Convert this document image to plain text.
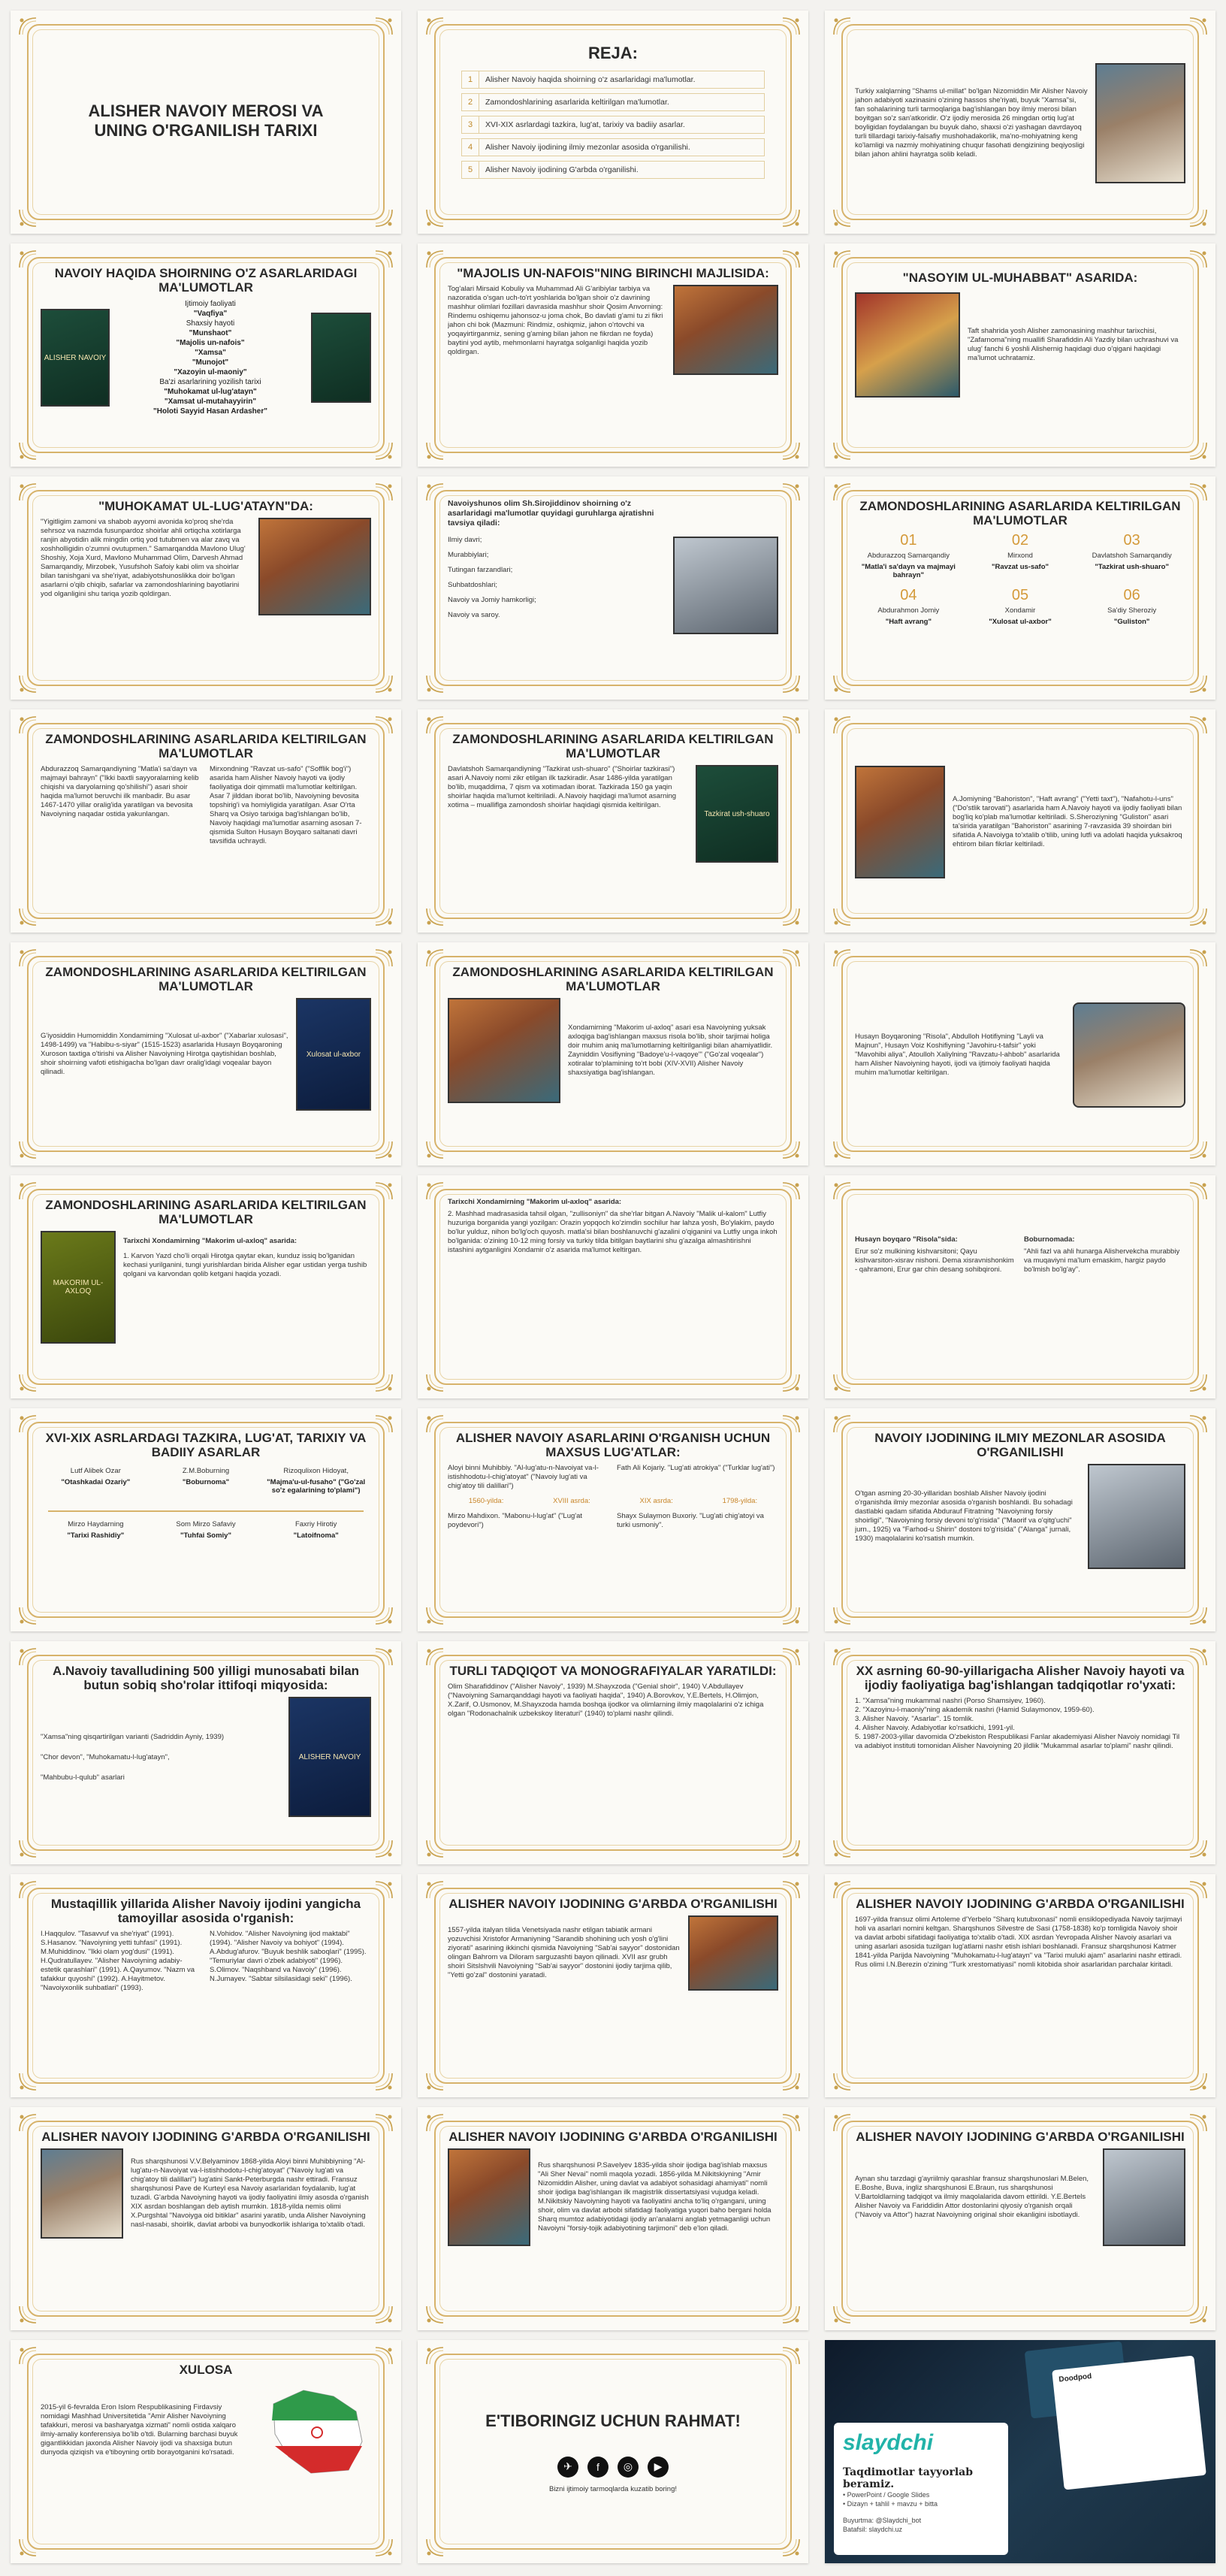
ALISHER NAVOIY MEROSI VA UNING O'RGANILISH TARIXI
REJA:
1	Alisher Navoiy haqida shoirning o'z asarlaridagi ma'lumotlar.
2	Zamondoshlarining asarlarida keltirilgan ma'lumotlar.
3	XVI-XIX asrlardagi tazkira, lug'at, tarixiy va badiiy asarlar.
4	Alisher Navoiy ijodining ilmiy mezonlar asosida o'rganilishi.
5	Alisher Navoiy ijodining G'arbda o'rganilishi.
Turkiy xalqlarning "Shams ul-millat" bo'lgan Nizomiddin Mir Alisher Navoiy jahon adabiyoti xazinasini o'zining hassos she'riyati, buyuk "Xamsa"si, fan sohalarining turli tarmoqlariga bag'ishlangan boy ilmiy merosi bilan boyitgan so'z san'atkoridir. O'z ijodiy merosida 26 mingdan ortiq lug'at boyligidan foydalangan bu buyuk daho, shaxsi o'zi yashagan davrdayoq turli tillardagi tarixiy-falsafiy mushohadakorlik, ma'no-mohiyatning keng ko'lamligi va nazmiy mohiyatining chuqur fasohati dengizining beqiyosligi bilan jahon ahlini hayratga solib keladi.
NAVOIY HAQIDA SHOIRNING O'Z ASARLARIDAGI MA'LUMOTLAR
ALISHER NAVOIY
Ijtimoiy faoliyati
"Vaqfiya"
Shaxsiy hayoti
"Munshaot"
"Majolis un-nafois"
"Xamsa"
"Munojot"
"Xazoyin ul-maoniy"
Ba'zi asarlarining yozilish tarixi
"Muhokamat ul-lug'atayn"
"Xamsat ul-mutahayyirin"
"Holoti Sayyid Hasan Ardasher"
"MAJOLIS UN-NAFOIS"NING BIRINCHI MAJLISIDA:
Tog'alari Mirsaid Kobuliy va Muhammad Ali G'aribiylar tarbiya va nazoratida o'sgan uch-to'rt yoshlarida bo'lgan shoir o'z davrining mashhur olimlari fozillari davrasida mashhur shoir Qosim Anvorning: Rindemu oshiqemu jahonsoz-u joma chok, Bo davlati g'ami tu zi fikri jahon chi bok (Mazmuni: Rindmiz, oshiqmiz, jahon o'rtovchi va yoqayirtirganmiz, sening g'aming bilan jahon ne fikrdan ne foyda) baytini yod aytib, mehmonlarni hayratga solganligi haqida yozib qoldirgan.
"NASOYIM UL-MUHABBAT" ASARIDA:
Taft shahrida yosh Alisher zamonasining mashhur tarixchisi, "Zafarnoma"ning muallifi Sharafiddin Ali Yazdiy bilan uchrashuvi va ulug' fanchi 6 yoshli Alishernig haqidagi duo o'qigani haqidagi ma'lumot uchratamiz.
"MUHOKAMAT UL-LUG'ATAYN"DA:
"Yigitligim zamoni va shabob ayyomi avonida ko'proq she'rda sehrsoz va nazmda fusunpardoz shoirlar ahli ortiqcha xotirlarga ranjin abyotidin alik mingdin ortiq yod tutubmen va alar zavq va xoshholligidin o'zumni ovutupmen." Samarqandda Mavlono Ulug' Shoshiy, Xoja Xurd, Mavlono Muhammad Olim, Darvesh Ahmad Samarqandiy, Mirzobek, Yusufshoh Safoiy kabi olim va shoirlar bilan tanishgani va she'riyat, adabiyotshunoslikka doir bo'lgan asarlarni o'qib chiqib, safarlar va zamondoshlarining bayotlarini yod olganligini shu tariqa yozib qoldirgan.
Navoiyshunos olim Sh.Sirojiddinov shoirning o'z asarlaridagi ma'lumotlar quyidagi guruhlarga ajratishni tavsiya qiladi:
Ilmiy davri;
Murabbiylari;
Tutingan farzandlari;
Suhbatdoshlari;
Navoiy va Jomiy hamkorligi;
Navoiy va saroy.
ZAMONDOSHLARINING ASARLARIDA KELTIRILGAN MA'LUMOTLAR
01
Abdurazzoq Samarqandiy
"Matla'i sa'dayn va majmayi bahrayn"
02
Mirxond
"Ravzat us-safo"
03
Davlatshoh Samarqandiy
"Tazkirat ush-shuaro"
04
Abdurahmon Jomiy
"Haft avrang"
05
Xondamir
"Xulosat ul-axbor"
06
Sa'diy Sheroziy
"Guliston"
ZAMONDOSHLARINING ASARLARIDA KELTIRILGAN MA'LUMOTLAR
Abdurazzoq Samarqandiyning "Matla'i sa'dayn va majmayi bahrayn" ("Ikki baxtli sayyoralarning kelib chiqishi va daryolarning qo'shilishi") asari shoir haqida ma'lumot beruvchi ilk manbadir. Bu asar 1467-1470 yillar oralig'ida yaratilgan va bevosita Navoiyning naqadar ostida yakunlangan.
Mirxondning "Ravzat us-safo" ("Sofflik bog'i") asarida ham Alisher Navoiy hayoti va ijodiy faoliyatiga doir qimmatli ma'lumotlar keltirilgan. Asar 7 jilddan iborat bo'lib, Navoiyning bevosita topshirig'i va homiyligida yaratilgan. Asar O'rta Sharq va Osiyo tarixiga bag'ishlangan bo'lib, Navoiy haqidagi ma'lumotlar asarning asosan 7-qismida Sulton Husayn Boyqaro saltanati davri tavsifida uchraydi.
ZAMONDOSHLARINING ASARLARIDA KELTIRILGAN MA'LUMOTLAR
Davlatshoh Samarqandiyning "Tazkirat ush-shuaro" ("Shoirlar tazkirasi") asari A.Navoiy nomi zikr etilgan ilk tazkiradir. Asar 1486-yilda yaratilgan bo'lib, muqaddima, 7 qism va xotimadan iborat. Tazkirada 150 ga yaqin shoirlar haqida ma'lumot keltiriladi. A.Navoiy haqidagi ma'lumot asarning xotima – mualliflga zamondosh shoirlar haqidagi qismida keltirilgan.
Tazkirat ush-shuaro
A.Jomiyning "Bahoriston", "Haft avrang" ("Yetti taxt"), "Nafahotu-l-uns" ("Do'stlik tarovati") asarlarida ham A.Navoiy hayoti va ijodiy faoliyati bilan bog'liq ko'plab ma'lumotlar keltiriladi. S.Sheroziyning "Guliston" asari ta'sirida yaratilgan "Bahoriston" asarining 7-ravzasida 39 shoirdan biri sifatida A.Navoiyga to'xtalib o'tilib, uning lutfi va adolati haqida yuksakroq ehtirom bilan fikrlar keltiriladi.
ZAMONDOSHLARINING ASARLARIDA KELTIRILGAN MA'LUMOTLAR
G'iyosiddin Humomiddin Xondamirning "Xulosat ul-axbor" ("Xabarlar xulosasi", 1498-1499) va "Habibu-s-siyar" (1515-1523) asarlarida Husayn Boyqaroning Xuroson taxtiga o'tirishi va Alisher Navoiyning Hirotga qaytishidan boshlab, shoir shoirning vafoti etishigacha bo'lgan davr oralig'idagi voqealar bayon qilinadi.
Xulosat ul-axbor
ZAMONDOSHLARINING ASARLARIDA KELTIRILGAN MA'LUMOTLAR
Xondamirning "Makorim ul-axloq" asari esa Navoiyning yuksak axloqiga bag'ishlangan maxsus risola bo'lib, shoir tarjimai holiga doir muhim aniq ma'lumotlarning keltirilganligi bilan ahamiyatlidir. Zayniddin Vosifiyning "Badoye'u-l-vaqoye'" ("Go'zal voqealar") xotiralar to'plamining to'rt bobi (XIV-XVII) Alisher Navoiy shaxsiyatiga bag'ishlangan.
Husayn Boyqaroning "Risola", Abdulloh Hotifiyning "Layli va Majnun", Husayn Voiz Koshifiyning "Javohiru-t-tafsir" yoki "Mavohibi aliya", Atoulloh Xaliylning "Ravzatu-l-ahbob" asarlarida ham Alisher Navoiyning hayoti, ijodi va ijtimoiy faoliyati haqida muhim ma'lumotlar keltirilgan.
ZAMONDOSHLARINING ASARLARIDA KELTIRILGAN MA'LUMOTLAR
MAKORIM UL-AXLOQ
Tarixchi Xondamirning "Makorim ul-axloq" asarida:
1. Karvon Yazd cho'li orqali Hirotga qaytar ekan, kunduz issiq bo'lganidan kechasi yurilganini, tungi yurishlardan birida Alisher egar ustidan yerga tushib qolgani va karvondan qolib ketgani haqida yozadi.
Tarixchi Xondamirning "Makorim ul-axloq" asarida:
2. Mashhad madrasasida tahsil olgan, "zullisoniyn" da she'rlar bitgan A.Navoiy "Malik ul-kalom" Lutfiy huzuriga borganida yangi yozilgan: Orazin yopqoch ko'zimdin sochilur har lahza yosh, Bo'ylakim, paydo bo'lur yulduz, nihon bo'lg'och quyosh. matla'si bilan boshlanuvchi g'azalini o'qiganini va Lutfiy unga inkoh bo'lganida: o'zining 10-12 ming forsiy va turkiy tilda bitilgan baytlarini shu g'azalga almashtirishni istashini aytganligini Xondamir o'z asarida ma'lumot keltirgan.
Husayn boyqaro "Risola"sida:
Erur so'z mulkining kishvarsitoni; Qayu kishvarsiton-xisrav nishoni. Dema xisravnishonkim - qahramoni, Erur gar chin desang sohibqironi.
Boburnomada:
"Ahli fazl va ahli hunarga Alishervekcha murabbiy va muqaviyni ma'lum emaskim, hargiz paydo bo'lmish bo'lg'ay".
XVI-XIX ASRLARDAGI TAZKIRA, LUG'AT, TARIXIY VA BADIIY ASARLAR
Lutf Alibek Ozar
"Otashkadai Ozariy"
Z.M.Boburning
"Boburnoma"
Rizoqulixon Hidoyat,
"Majma'u-ul-fusaho" ("Go'zal so'z egalarining to'plami")
Mirzo Haydarning
"Tarixi Rashidiy"
Som Mirzo Safaviy
"Tuhfai Somiy"
Faxriy Hirotiy
"Latoifnoma"
ALISHER NAVOIY ASARLARINI O'RGANISH UCHUN MAXSUS LUG'ATLAR:
Aloyi binni Muhibbiy. "Al-lug'atu-n-Navoiyat va-l-istishhodotu-l-chig'atoyat" ("Navoiy lug'ati va chig'atoy tili dalillari")
Fath Ali Kojariy. "Lug'ati atrokiya" ("Turklar lug'ati")
1560-yilda:	XVIII asrda:	XIX asrda:	1798-yilda:
Mirzo Mahdixon. "Mabonu-l-lug'at" ("Lug'at poydevori")
Shayx Sulaymon Buxoriy. "Lug'ati chig'atoyi va turki usmoniy".
NAVOIY IJODINING ILMIY MEZONLAR ASOSIDA O'RGANILISHI
O'tgan asrning 20-30-yillaridan boshlab Alisher Navoiy ijodini o'rganishda ilmiy mezonlar asosida o'rganish boshlandi. Bu sohadagi dastlabki qadam sifatida Abdurauf Fitratning "Navoiyning forsiy shoirligi", "Navoiyning forsiy devoni to'g'risida" ("Maorif va o'qitg'uchi" jurn., 1925) va "Farhod-u Shirin" dostoni to'g'risida" ("Alanga" jurnali, 1930) maqolalarini ko'rsatish mumkin.
A.Navoiy tavalludining 500 yilligi munosabati bilan butun sobiq sho'rolar ittifoqi miqyosida:
"Xamsa"ning qisqartirilgan varianti (Sadriddin Ayniy, 1939)
"Chor devon", "Muhokamatu-l-lug'atayn",
"Mahbubu-l-qulub" asarlari
ALISHER NAVOIY
TURLI TADQIQOT VA MONOGRAFIYALAR YARATILDI:
Olim Sharafiddinov ("Alisher Navoiy", 1939) M.Shayxzoda ("Genial shoir", 1940) V.Abdullayev ("Navoiyning Samarqanddagi hayoti va faoliyati haqida", 1940) A.Borovkov, Y.E.Bertels, H.Olimjon, X.Zarif, O.Usmonov, M.Shayxzoda hamda boshqa ijodkor va olimlarning ilmiy maqolalarini o'z ichiga olgan "Rodonachalnik uzbekskoy literaturi" (1940) to'plami nashr qilindi.
XX asrning 60-90-yillarigacha Alisher Navoiy hayoti va ijodiy faoliyatiga bag'ishlangan tadqiqotlar ro'yxati:
1. "Xamsa"ning mukammal nashri (Porso Shamsiyev, 1960).
2. "Xazoyinu-l-maoniy"ning akademik nashri (Hamid Sulaymonov, 1959-60).
3. Alisher Navoiy. "Asarlar". 15 tomlik.
4. Alisher Navoiy. Adabiyotlar ko'rsatkichi, 1991-yil.
5. 1987-2003-yillar davomida O'zbekiston Respublikasi Fanlar akademiyasi Alisher Navoiy nomidagi Til va adabiyot instituti tomonidan Alisher Navoiyning 20 jildlik "Mukammal asarlar to'plami" nashr qilindi.
Mustaqillik yillarida Alisher Navoiy ijodini yangicha tamoyillar asosida o'rganish:
I.Haqqulov. "Tasavvuf va she'riyat" (1991). S.Hasanov. "Navoiyning yetti tuhfasi" (1991). M.Muhiddinov. "Ikki olam yog'dusi" (1991). H.Qudratullayev. "Alisher Navoiyning adabiy-estetik qarashlari" (1991). A.Qayumov. "Nazm va tafakkur quyoshi" (1992). A.Hayitmetov. "Navoiyxonlik suhbatlari" (1993).
N.Vohidov. "Alisher Navoiyning ijod maktabi" (1994). "Alisher Navoiy va bohiyot" (1994). A.Abdug'afurov. "Buyuk beshlik saboqlari" (1995). "Temuriylar davri o'zbek adabiyoti" (1996). S.Olimov. "Naqshband va Navoiy" (1996). N.Jumayev. "Sabtar silsilasidagi seki" (1996).
ALISHER NAVOIY IJODINING G'ARBDA O'RGANILISHI
1557-yilda italyan tilida Venetsiyada nashr etilgan tabiatik armani yozuvchisi Xristofor Armaniyning "Sarandib shohining uch yosh o'g'lini ziyorati" asarining ikkinchi qismida Navoiyning "Sab'ai sayyor" dostonidan olingan Bahrom va Diloram sarguzashti bayon qilinadi. XVII asr grubh shoiri Sitslshvili Navoiyning "Sab'ai sayyor" dostonini ijodiy tarjima qilib, "Yetti go'zal" dostonini yaratadi.
ALISHER NAVOIY IJODINING G'ARBDA O'RGANILISHI
1697-yilda fransuz olimi Artoleme d'Yerbelo "Sharq kutubxonasi" nomli ensiklopediyada Navoiy tarjimayi holi va asarlari nomini keltgan. Sharqshunos Silvestre de Sasi (1758-1838) ko'p tomligida Navoiy shoir va davlat arbobi sifatidagi faoliyatiga to'xtalib o'tadi. XIX asrdan Yevropada Alisher Navoiy asarlari va uning asarlari asosida tuzilgan lug'atlarni nashr etish ishlari boshlanadi. Fransuz sharqshunosi Katmer 1841-yilda Parijda Navoiyning "Muhokamatu-l-lug'atayn" va "Tarixi muluki ajam" asarlarini nashr ettiradi. Rus olimi I.N.Berezin o'zining "Turk xrestomatiyasi" nomli kitobida shoir asarlaridan parchalar kiritadi.
ALISHER NAVOIY IJODINING G'ARBDA O'RGANILISHI
Rus sharqshunosi V.V.Belyaminov 1868-yilda Aloyi binni Muhibbiyning "Al-lug'atu-n-Navoiyat va-l-istishhodotu-l-chig'atoyat" ("Navoiy lug'ati va chig'atoy tili dalillari") lug'atini Sankt-Peterburgda nashr ettiradi. Fransuz sharqshunosi Pave de Kurteyl esa Navoiy asarlaridan foydalanib, lug'at tuzadi. G'arbda Navoiyning hayoti va ijodiy faoliyatini ilmiy asosda o'rganish XIX asrdan boshlangan deb aytish mumkin. 1818-yilda nemis olimi X.Purgshtal "Navoiyga oid bitiklar" asarini yaratib, unda Alisher Navoiyning nasl-nasabi, shoirlik, davlat arbobi va bunyodkorlik ishlariga to'xtalib o'tadi.
ALISHER NAVOIY IJODINING G'ARBDA O'RGANILISHI
Rus sharqshunosi P.Savelyev 1835-yilda shoir ijodiga bag'ishlab maxsus "Ali Sher Nevai" nomli maqola yozadi. 1856-yilda M.Nikitskiyning "Amir Nizomiddin Alisher, uning davlat va adabiyot sohasidagi ahamiyati" nomli shoir ijodiga bag'ishlangan ilk magistrlik dissertatsiyasi vujudga keladi. M.Nikitskiy Navoiyning hayoti va faoliyatini ancha to'liq o'rgangani, uning shoir, olim va davlat arbobi sifatidagi faoliyatiga yuqori baho bergani holda Sharq mumtoz adabiyotidagi ijodiy an'analarni anglab yetmaganligi uchun Navoiyni "forsiy-tojik adabiyotining tarjimoni" deb e'lon qiladi.
ALISHER NAVOIY IJODINING G'ARBDA O'RGANILISHI
Aynan shu tarzdagi g'ayriilmiy qarashlar fransuz sharqshunoslari M.Belen, E.Boshe, Buva, ingliz sharqshunosi E.Braun, rus sharqshunosi V.Bartoldlarning tadqiqot va ilmiy maqolalarida davom ettirildi. Y.E.Bertels Alisher Navoiy va Fariddidin Attor dostonlarini qiyosiy o'rganish orqali ("Navoiy va Attor") hazrat Navoiyning original shoir ekanligini isbotlaydi.
XULOSA
2015-yil 6-fevralda Eron Islom Respublikasining Firdavsiy nomidagi Mashhad Universitetida "Amir Alisher Navoiyning tafakkuri, merosi va basharyatga xizmati" nomli ostida xalqaro ilmiy-amaliy konferensiya bo'lib o'tdi. Bularning barchasi buyuk gigantlikkidan jaxonda Alisher Navoiy ijodi va shaxsiga butun dunyoda qiziqish va e'tiboyning ortib borayotganini ko'rsatadi.
E'TIBORINGIZ UCHUN RAHMAT!
✈	f	◎	▶
Bizni ijtimoiy tarmoqlarda kuzatib boring!
Doodpod
slaydchi
Taqdimotlar tayyorlab beramiz.
• PowerPoint / Google Slides
• Dizayn + tahlil + mavzu + bitta
Buyurtma: @Slaydchi_bot
Batafsil: slaydchi.uz
